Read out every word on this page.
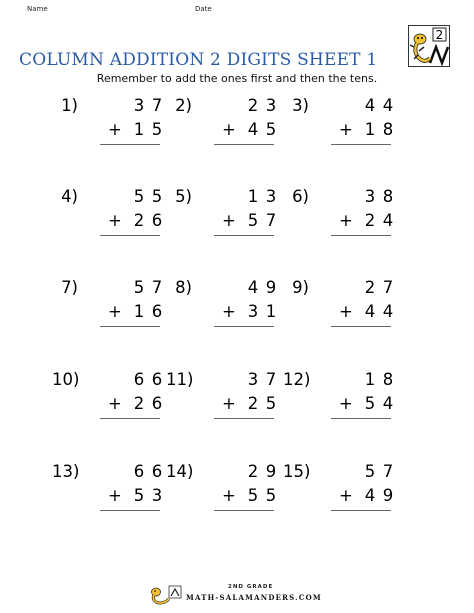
Name	Date
2
COLUMN ADDITION 2 DIGITS SHEET 1
Remember to add the ones first and then the tens.
1)	3 7
+ 1 5
2)	2 3
+ 4 5
3)	4 4
+ 1 8
4)	5 5
+ 2 6
5)	1 3
+ 5 7
6)	3 8
+ 2 4
7)	5 7
+ 1 6
8)	4 9
+ 3 1
9)	2 7
+ 4 4
10)	6 6
+ 2 6
11)	3 7
+ 2 5
12)	1 8
+ 5 4
13)	6 6
+ 5 3
14)	2 9
+ 5 5
15)	5 7
+ 4 9
2ND GRADE
MATH-SALAMANDERS.COM
